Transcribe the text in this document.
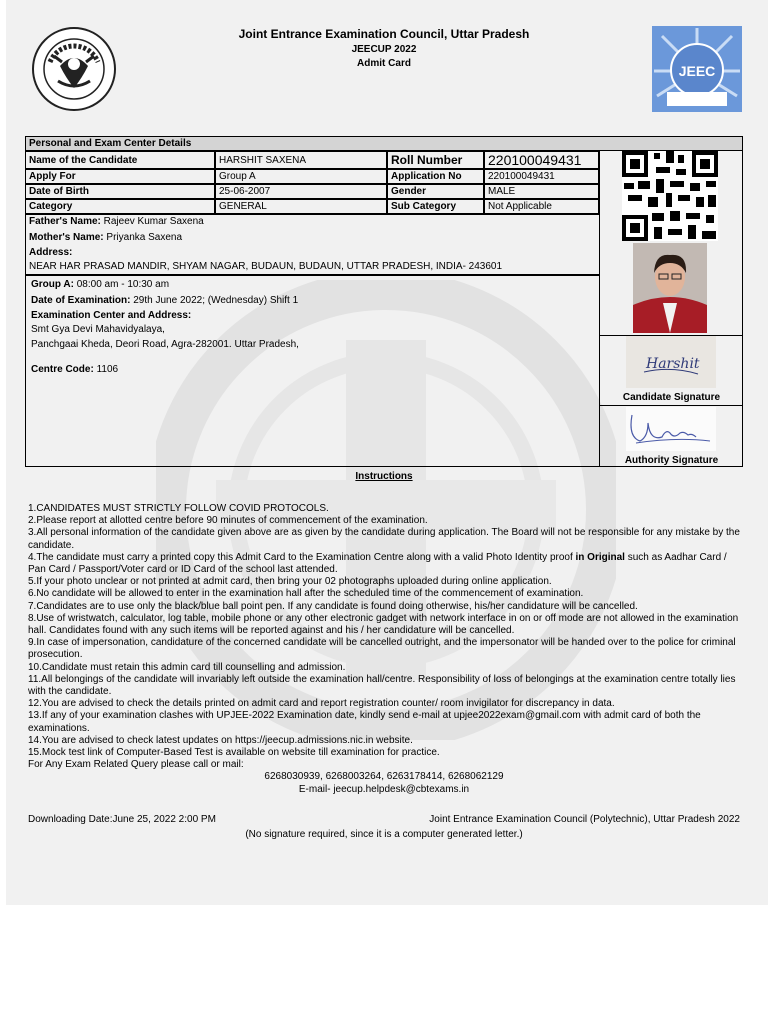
Joint Entrance Examination Council, Uttar Pradesh
JEECUP 2022
Admit Card	JEEC
Personal and Exam Center Details
Name of the Candidate	HARSHIT SAXENA	Roll Number	220100049431
Apply For	Group A	Application No	220100049431
Date of Birth	25-06-2007	Gender	MALE
Category	GENERAL	Sub Category	Not Applicable
Father's Name: Rajeev Kumar Saxena
Mother's Name: Priyanka Saxena
Address:
NEAR HAR PRASAD MANDIR, SHYAM NAGAR, BUDAUN, BUDAUN, UTTAR PRADESH, INDIA- 243601
Group A: 08:00 am - 10:30 am
Date of Examination: 29th June 2022; (Wednesday) Shift 1
Examination Center and Address:
Smt Gya Devi Mahavidyalaya,
Panchgaai Kheda, Deori Road, Agra-282001. Uttar Pradesh,
Centre Code: 1106	Harshit
Candidate Signature
Authority Signature
Instructions

1.CANDIDATES MUST STRICTLY FOLLOW COVID PROTOCOLS.

2.Please report at allotted centre before 90 minutes of commencement of the examination.

3.All personal information of the candidate given above are as given by the candidate during application. The Board will not be responsible for any mistake by the candidate.

4.The candidate must carry a printed copy this Admit Card to the Examination Centre along with a valid Photo Identity proof in Original such as Aadhar Card / Pan Card / Passport/Voter card or ID Card of the school last attended.

5.If your photo unclear or not printed at admit card, then bring your 02 photographs uploaded during online application.

6.No candidate will be allowed to enter in the examination hall after the scheduled time of the commencement of examination.

7.Candidates are to use only the black/blue ball point pen. If any candidate is found doing otherwise, his/her candidature will be cancelled.

8.Use of wristwatch, calculator, log table, mobile phone or any other electronic gadget with network interface in on or off mode are not allowed in the examination hall. Candidates found with any such items will be reported against and his / her candidature will be cancelled.

9.In case of impersonation, candidature of the concerned candidate will be cancelled outright, and the impersonator will be handed over to the police for criminal prosecution.

10.Candidate must retain this admin card till counselling and admission.

11.All belongings of the candidate will invariably left outside the examination hall/centre. Responsibility of loss of belongings at the examination centre totally lies with the candidate.

12.You are advised to check the details printed on admit card and report registration counter/ room invigilator for discrepancy in data.

13.If any of your examination clashes with UPJEE-2022 Examination date, kindly send e-mail at upjee2022exam@gmail.com with admit card of both the examinations.

14.You are advised to check latest updates on https://jeecup.admissions.nic.in website.

15.Mock test link of Computer-Based Test is available on website till examination for practice.

For Any Exam Related Query please call or mail:

6268030939, 6268003264, 6263178414, 6268062129

E-mail- jeecup.helpdesk@cbtexams.in

Downloading Date:June 25, 2022 2:00 PM	Joint Entrance Examination Council (Polytechnic), Uttar Pradesh 2022
(No signature required, since it is a computer generated letter.)
